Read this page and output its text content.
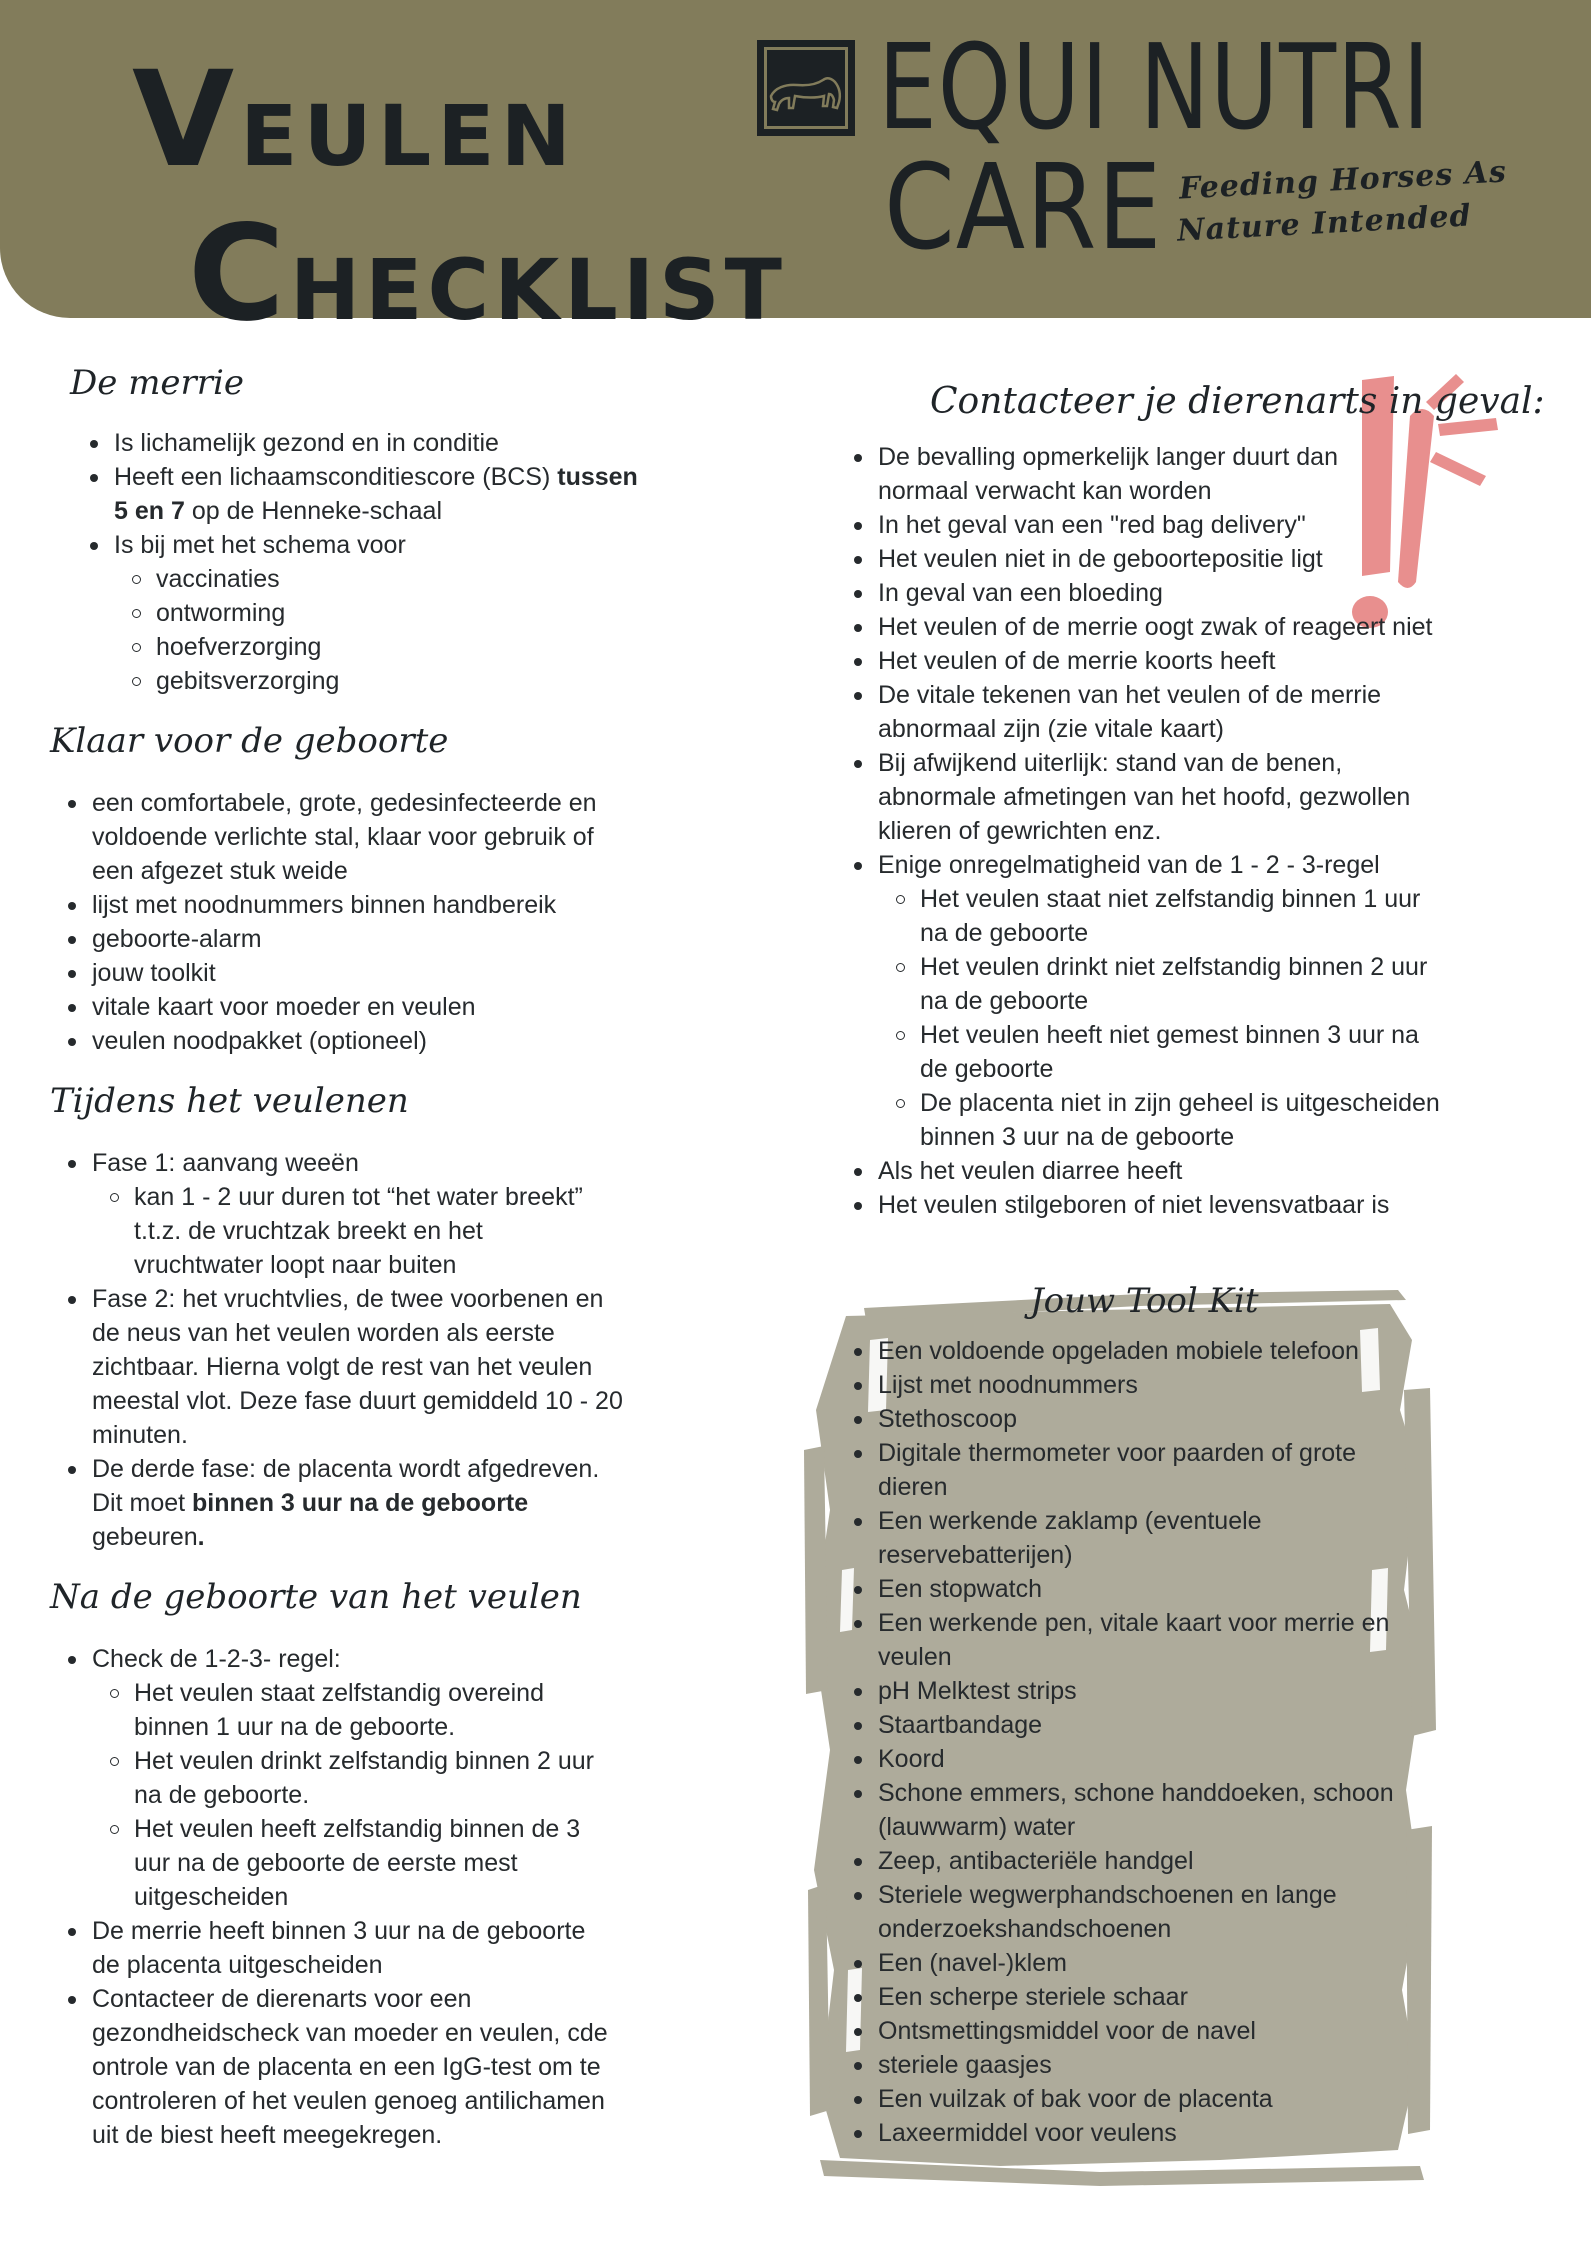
VEULEN
CHECKLIST
EQUI NUTRI
CARE Feeding Horses As
Nature Intended
De merrie
Is lichamelijk gezond en in conditie
Heeft een lichaamsconditiescore (BCS) tussen
5 en 7 op de Henneke-schaal
Is bij met het schema voor
vaccinaties
ontworming
hoefverzorging
gebitsverzorging
Klaar voor de geboorte
een comfortabele, grote, gedesinfecteerde en
voldoende verlichte stal, klaar voor gebruik of
een afgezet stuk weide
lijst met noodnummers binnen handbereik
geboorte-alarm
jouw toolkit
vitale kaart voor moeder en veulen
veulen noodpakket (optioneel)
Tijdens het veulenen
Fase 1: aanvang weeën
kan 1 - 2 uur duren tot “het water breekt”
t.t.z. de vruchtzak breekt en het
vruchtwater loopt naar buiten
Fase 2: het vruchtvlies, de twee voorbenen en
de neus van het veulen worden als eerste
zichtbaar. Hierna volgt de rest van het veulen
meestal vlot. Deze fase duurt gemiddeld 10 - 20
minuten.
De derde fase: de placenta wordt afgedreven.
Dit moet binnen 3 uur na de geboorte
gebeuren.
Na de geboorte van het veulen
Check de 1-2-3- regel:
Het veulen staat zelfstandig overeind
binnen 1 uur na de geboorte.
Het veulen drinkt zelfstandig binnen 2 uur
na de geboorte.
Het veulen heeft zelfstandig binnen de 3
uur na de geboorte de eerste mest
uitgescheiden
De merrie heeft binnen 3 uur na de geboorte
de placenta uitgescheiden
Contacteer de dierenarts voor een
gezondheidscheck van moeder en veulen, cde
ontrole van de placenta en een IgG-test om te
controleren of het veulen genoeg antilichamen
uit de biest heeft meegekregen.
Contacteer je dierenarts in geval:
De bevalling opmerkelijk langer duurt dan
normaal verwacht kan worden
In het geval van een "red bag delivery"
Het veulen niet in de geboortepositie ligt
In geval van een bloeding
Het veulen of de merrie oogt zwak of reageert niet
Het veulen of de merrie koorts heeft
De vitale tekenen van het veulen of de merrie
abnormaal zijn (zie vitale kaart)
Bij afwijkend uiterlijk: stand van de benen,
abnormale afmetingen van het hoofd, gezwollen
klieren of gewrichten enz.
Enige onregelmatigheid van de 1 - 2 - 3-regel
Het veulen staat niet zelfstandig binnen 1 uur
na de geboorte
Het veulen drinkt niet zelfstandig binnen 2 uur
na de geboorte
Het veulen heeft niet gemest binnen 3 uur na
de geboorte
De placenta niet in zijn geheel is uitgescheiden
binnen 3 uur na de geboorte
Als het veulen diarree heeft
Het veulen stilgeboren of niet levensvatbaar is
Jouw Tool Kit
Een voldoende opgeladen mobiele telefoon
Lijst met noodnummers
Stethoscoop
Digitale thermometer voor paarden of grote
dieren
Een werkende zaklamp (eventuele
reservebatterijen)
Een stopwatch
Een werkende pen, vitale kaart voor merrie en
veulen
pH Melktest strips
Staartbandage
Koord
Schone emmers, schone handdoeken, schoon
(lauwwarm) water
Zeep, antibacteriële handgel
Steriele wegwerphandschoenen en lange
onderzoekshandschoenen
Een (navel-)klem
Een scherpe steriele schaar
Ontsmettingsmiddel voor de navel
steriele gaasjes
Een vuilzak of bak voor de placenta
Laxeermiddel voor veulens
